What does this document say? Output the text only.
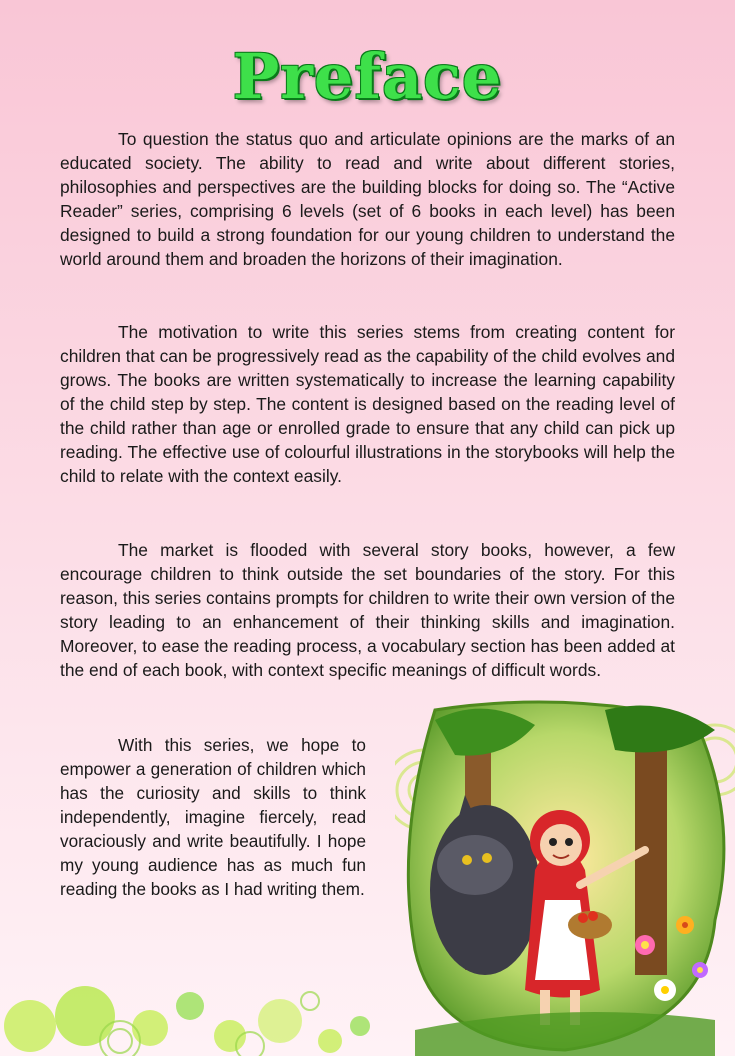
Preface

To question the status quo and articulate opinions are the marks of an educated society. The ability to read and write about different stories, philosophies and perspectives are the building blocks for doing so. The “Active Reader” series, comprising 6 levels (set of 6 books in each level) has been designed to build a strong foundation for our young children to understand the world around them and broaden the horizons of their imagination.

The motivation to write this series stems from creating content for children that can be progressively read as the capability of the child evolves and grows. The books are written systematically to increase the learning capability of the child step by step. The content is designed based on the reading level of the child rather than age or enrolled grade to ensure that any child can pick up reading. The effective use of colourful illustrations in the storybooks will help the child to relate with the context easily.

The market is flooded with several story books, however, a few encourage children to think outside the set boundaries of the story. For this reason, this series contains prompts for children to write their own version of the story leading to an enhancement of their thinking skills and imagination. Moreover, to ease the reading process, a vocabulary section has been added at the end of each book, with context specific meanings of difficult words.

With this series, we hope to empower a generation of children which has the curiosity and skills to think independently, imagine fiercely, read voraciously and write beautifully. I hope my young audience has as much fun reading the books as I had writing them.
